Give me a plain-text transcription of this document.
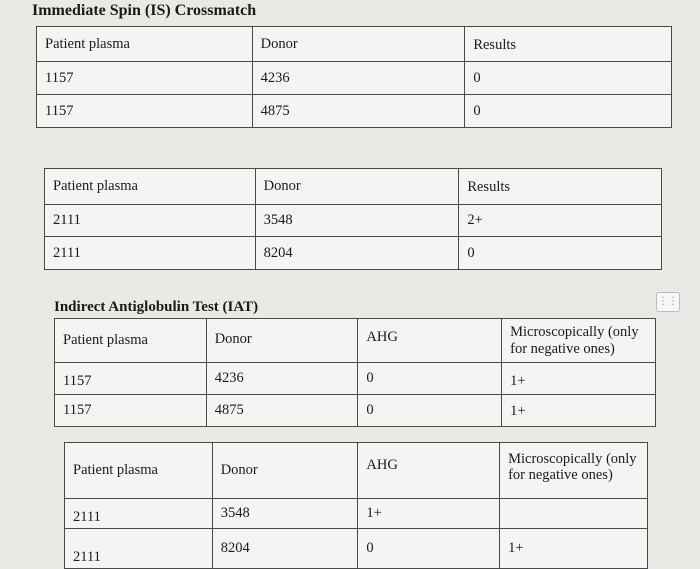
Immediate Spin (IS) Crossmatch
Patient plasma	Donor	Results
1157	4236	0
1157	4875	0
Patient plasma	Donor	Results
2111	3548	2+
2111	8204	0
Indirect Antiglobulin Test (IAT)
Patient plasma	Donor	AHG	Microscopically (only for negative ones)
1157	4236	0	1+
1157	4875	0	1+
Patient plasma	Donor	AHG	Microscopically (only for negative ones)
2111	3548	1+	
2111	8204	0	1+
⋮⋮
